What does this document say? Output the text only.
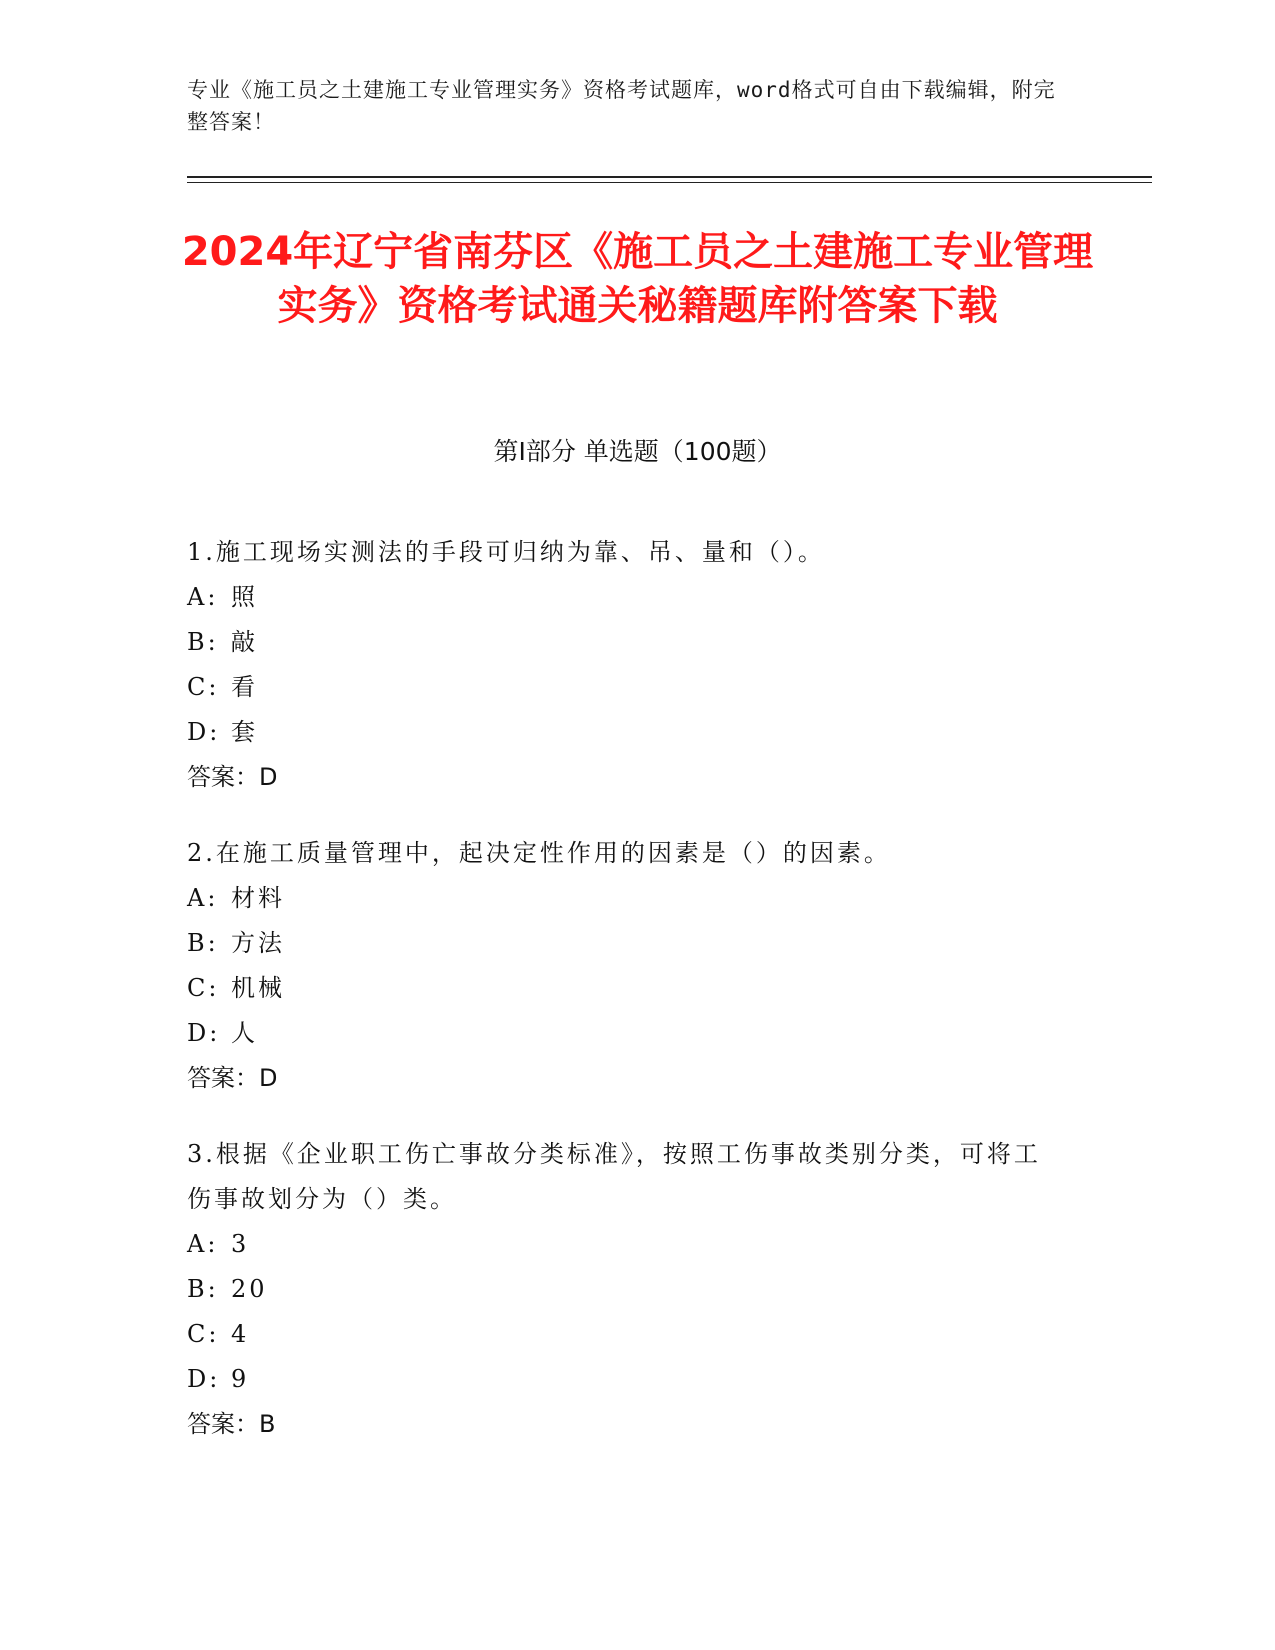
专业《施工员之土建施工专业管理实务》资格考试题库，word格式可自由下载编辑，附完整答案！
2024年辽宁省南芬区《施工员之土建施工专业管理实务》资格考试通关秘籍题库附答案下载
第Ⅰ部分 单选题（100题）

1.施工现场实测法的手段可归纳为靠、吊、量和（）。

A: 照

B: 敲

C: 看

D: 套

答案：D

2.在施工质量管理中，起决定性作用的因素是（）的因素。

A: 材料

B: 方法

C: 机械

D: 人

答案：D

3.根据《企业职工伤亡事故分类标准》，按照工伤事故类别分类，可将工伤事故划分为（）类。

A: 3

B: 20

C: 4

D: 9

答案：B
